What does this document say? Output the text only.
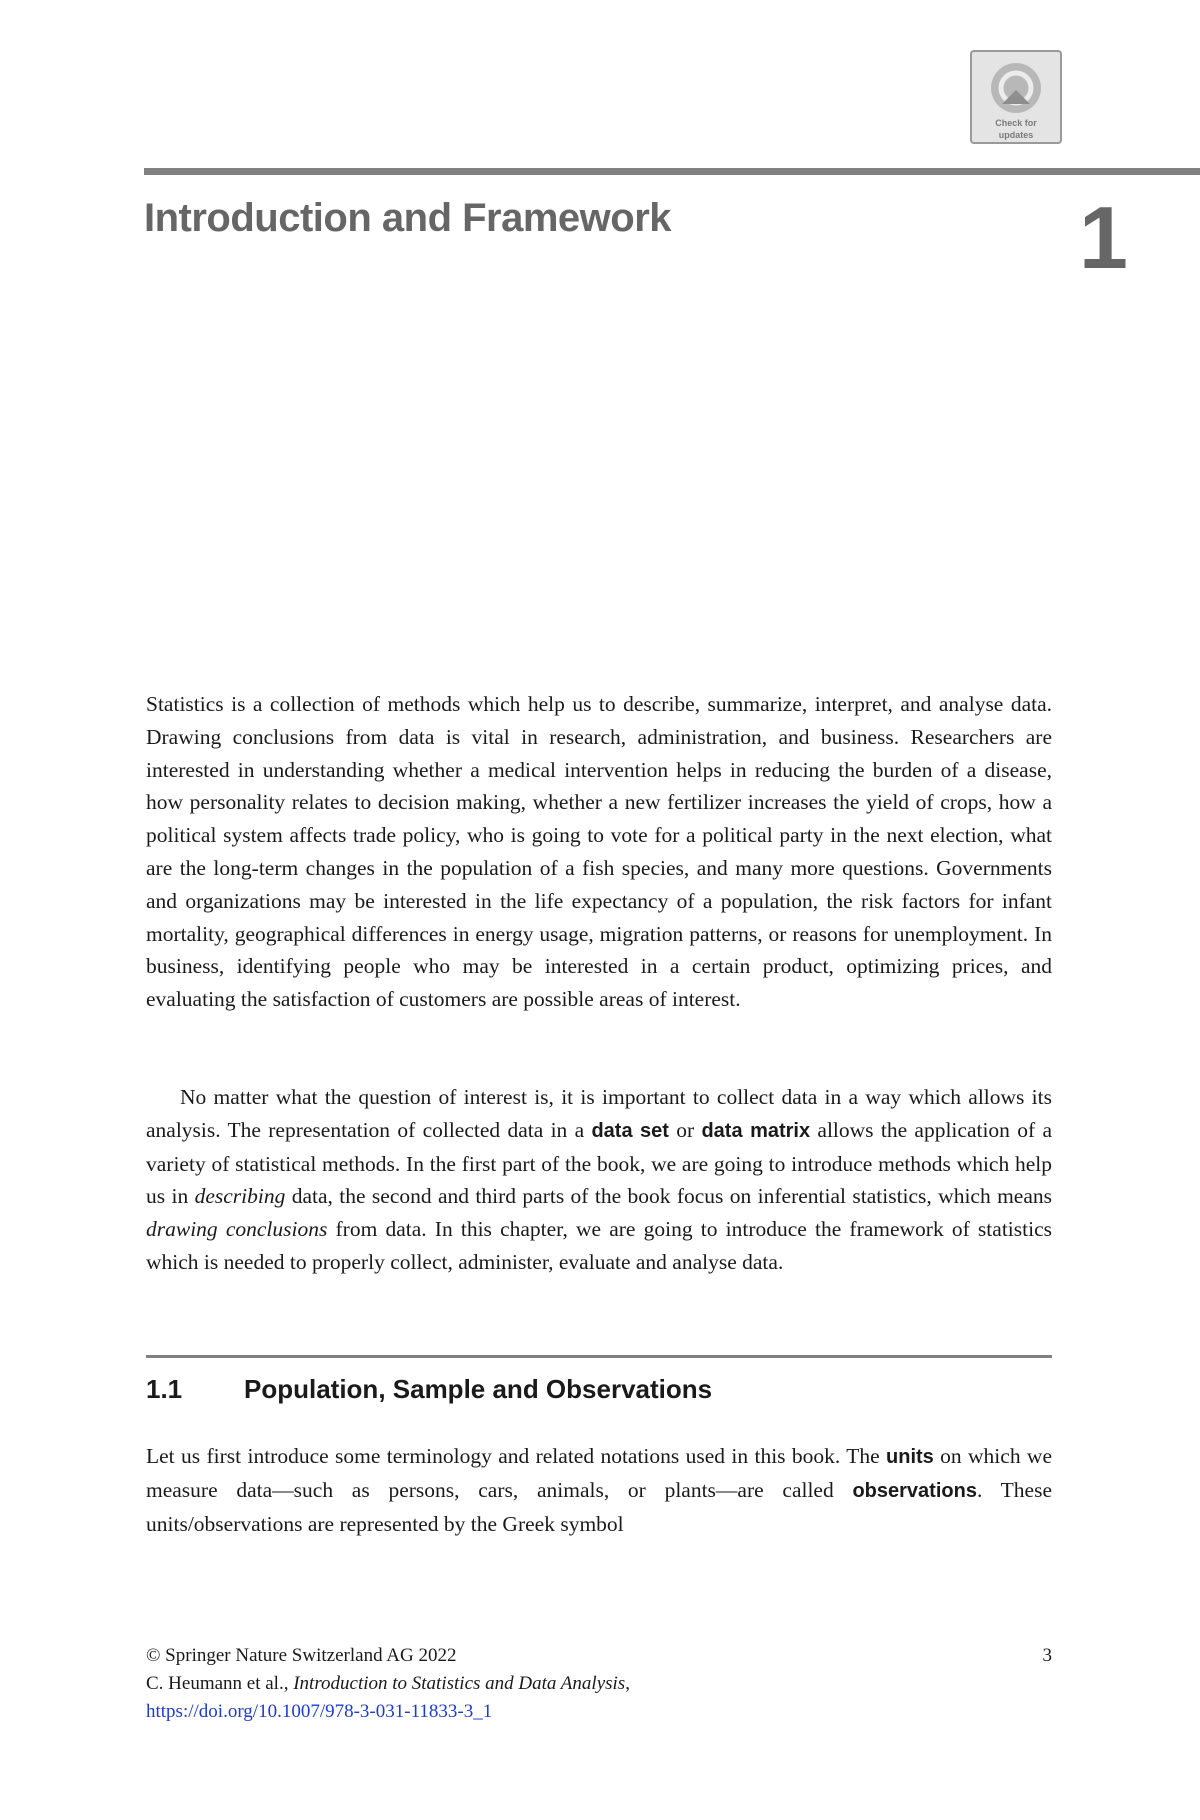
Check for
updates
Introduction and Framework	1

Statistics is a collection of methods which help us to describe, summarize, interpret, and analyse data. Drawing conclusions from data is vital in research, administration, and business. Researchers are interested in understanding whether a medical intervention helps in reducing the burden of a disease, how personality relates to decision making, whether a new fertilizer increases the yield of crops, how a political system affects trade policy, who is going to vote for a political party in the next election, what are the long-term changes in the population of a fish species, and many more questions. Governments and organizations may be interested in the life expectancy of a population, the risk factors for infant mortality, geographical differences in energy usage, migration patterns, or reasons for unemployment. In business, identifying people who may be interested in a certain product, optimizing prices, and evaluating the satisfaction of customers are possible areas of interest.

No matter what the question of interest is, it is important to collect data in a way which allows its analysis. The representation of collected data in a data set or data matrix allows the application of a variety of statistical methods. In the first part of the book, we are going to introduce methods which help us in describing data, the second and third parts of the book focus on inferential statistics, which means drawing conclusions from data. In this chapter, we are going to introduce the framework of statistics which is needed to properly collect, administer, evaluate and analyse data.

1.1 Population, Sample and Observations

Let us first introduce some terminology and related notations used in this book. The units on which we measure data—such as persons, cars, animals, or plants—are called observations. These units/observations are represented by the Greek symbol

3
© Springer Nature Switzerland AG 2022
C. Heumann et al., Introduction to Statistics and Data Analysis,
https://doi.org/10.1007/978-3-031-11833-3_1
